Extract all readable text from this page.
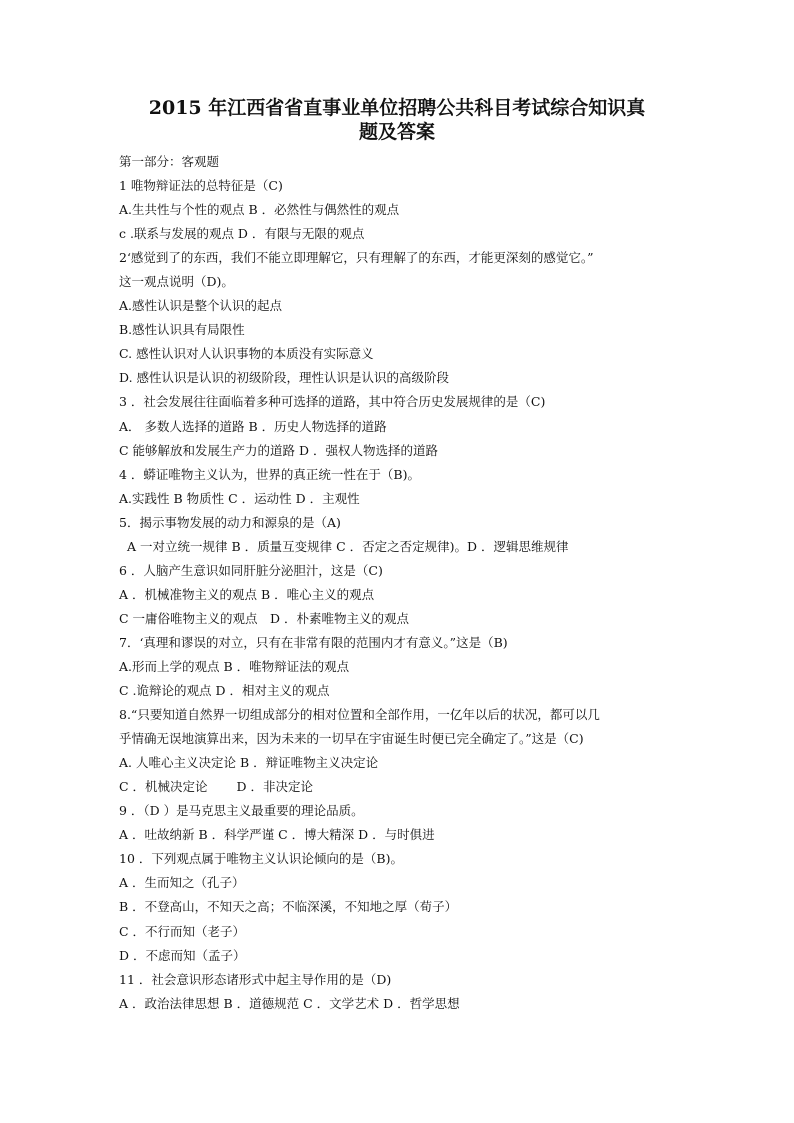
2015 年江西省省直事业单位招聘公共科目考试综合知识真
题及答案
第一部分：客观题
1 唯物辩证法的总特征是（C)
A.生共性与个性的观点 B ．必然性与偶然性的观点
c .联系与发展的观点 D ．有限与无限的观点
2‘感觉到了的东西，我们不能立即理解它，只有理解了的东西，才能更深刻的感觉它。”
这一观点说明（D)。
A.感性认识是整个认识的起点
B.感性认识具有局限性
C. 感性认识对人认识事物的本质没有实际意义
D. 感性认识是认识的初级阶段，理性认识是认识的高级阶段
3 ．社会发展往往面临着多种可选择的道路，其中符合历史发展规律的是（C)
A． 多数人选择的道路 B ．历史人物选择的道路
C 能够解放和发展生产力的道路 D ．强权人物选择的道路
4 ．蟒证唯物主义认为，世界的真正统一性在于（B)。
A.实践性 B 物质性 C ．运动性 D ．主观性
5．揭示事物发展的动力和源泉的是（A)
A 一对立统一规律 B ．质量互变规律 C ．否定之否定规律)。D ．逻辑思维规律
6 ．人脑产生意识如同肝脏分泌胆汁，这是（C)
A ．机械准物主义的观点 B ．唯心主义的观点
C 一庸俗唯物主义的观点　D ．朴素唯物主义的观点
7．‘真理和谬误的对立，只有在非常有限的范围内才有意义。”这是（B)
A.形而上学的观点 B ．唯物辩证法的观点
C .诡辩论的观点 D ．相对主义的观点
8.“只要知道自然界一切组成部分的相对位置和全部作用，一亿年以后的状况，都可以几
乎情确无误地演算出来，因为未来的一切早在宇宙诞生时便已完全确定了。”这是（C)
A. 人唯心主义决定论 B ．辩证唯物主义决定论
C ．机械决定论　　 D ．非决定论
9 ．（D ）是马克思主义最重要的理论品质。
A ．吐故纳新 B ．科学严谨 C ．博大精深 D ．与时俱进
10 ．下列观点属于唯物主义认识论倾向的是（B)。
A ．生而知之（孔子）
B ．不登高山，不知天之高；不临深溪，不知地之厚（荀子）
C ．不行而知（老子）
D ．不虑而知（孟子）
11 ．社会意识形态诸形式中起主导作用的是（D)
A ．政治法律思想 B ．道德规范 C ．文学艺术 D ．哲学思想
